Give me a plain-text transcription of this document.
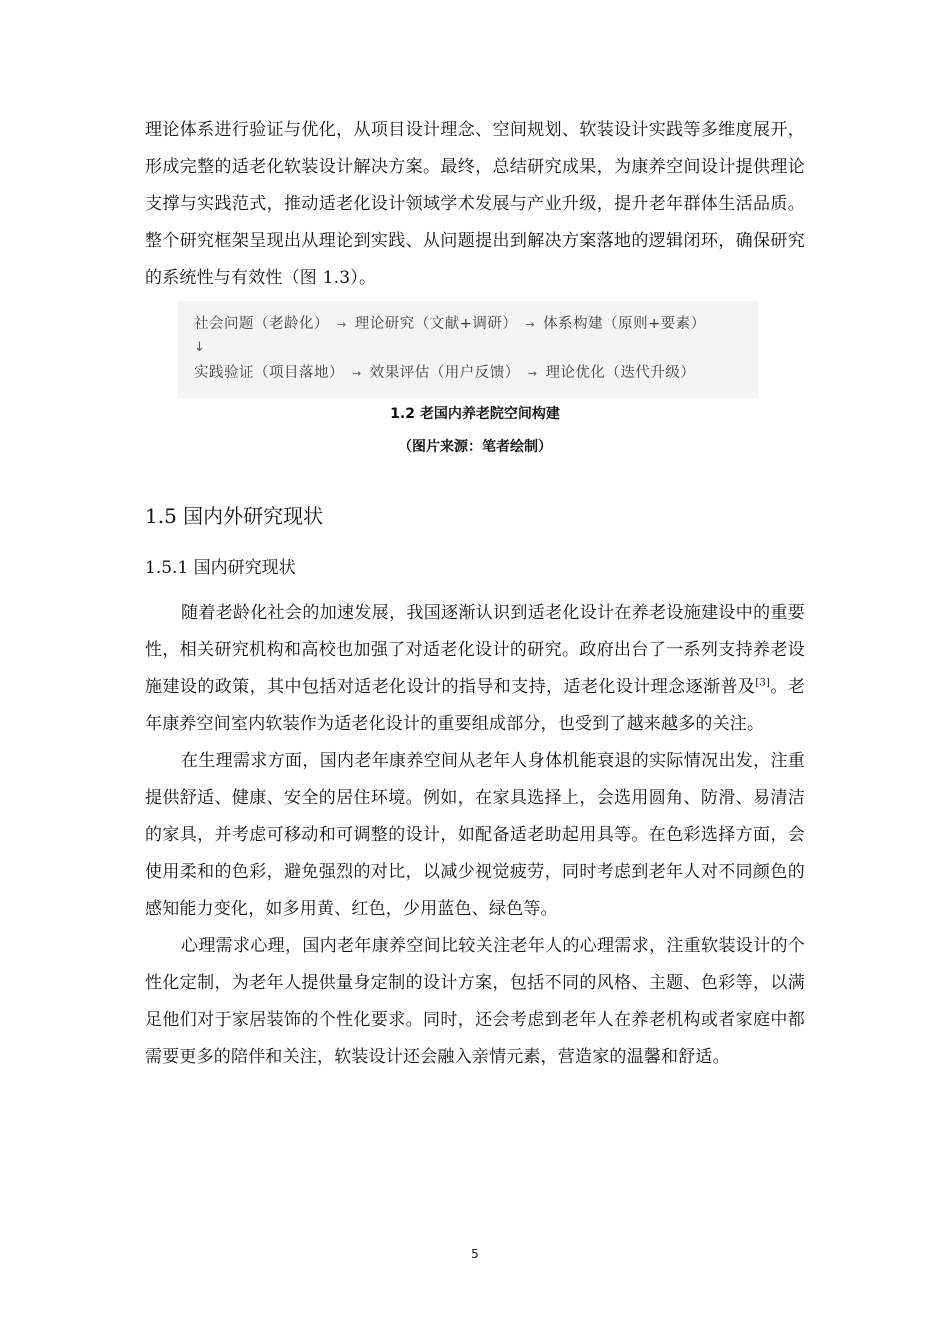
理论体系进行验证与优化，从项目设计理念、空间规划、软装设计实践等多维度展开，形成完整的适老化软装设计解决方案。最终，总结研究成果，为康养空间设计提供理论支撑与实践范式，推动适老化设计领域学术发展与产业升级，提升老年群体生活品质。整个研究框架呈现出从理论到实践、从问题提出到解决方案落地的逻辑闭环，确保研究的系统性与有效性（图 1.3）。

社会问题（老龄化） → 理论研究（文献+调研） → 体系构建（原则+要素）
↓
实践验证（项目落地） → 效果评估（用户反馈） → 理论优化（迭代升级）
1.2 老国内养老院空间构建
（图片来源：笔者绘制）
1.5 国内外研究现状
1.5.1 国内研究现状

随着老龄化社会的加速发展，我国逐渐认识到适老化设计在养老设施建设中的重要性，相关研究机构和高校也加强了对适老化设计的研究。政府出台了一系列支持养老设施建设的政策，其中包括对适老化设计的指导和支持，适老化设计理念逐渐普及[3]。老年康养空间室内软装作为适老化设计的重要组成部分，也受到了越来越多的关注。

在生理需求方面，国内老年康养空间从老年人身体机能衰退的实际情况出发，注重提供舒适、健康、安全的居住环境。例如，在家具选择上，会选用圆角、防滑、易清洁的家具，并考虑可移动和可调整的设计，如配备适老助起用具等。在色彩选择方面，会使用柔和的色彩，避免强烈的对比，以减少视觉疲劳，同时考虑到老年人对不同颜色的感知能力变化，如多用黄、红色，少用蓝色、绿色等。

心理需求心理，国内老年康养空间比较关注老年人的心理需求，注重软装设计的个性化定制，为老年人提供量身定制的设计方案，包括不同的风格、主题、色彩等，以满足他们对于家居装饰的个性化要求。同时，还会考虑到老年人在养老机构或者家庭中都需要更多的陪伴和关注，软装设计还会融入亲情元素，营造家的温馨和舒适。

5
